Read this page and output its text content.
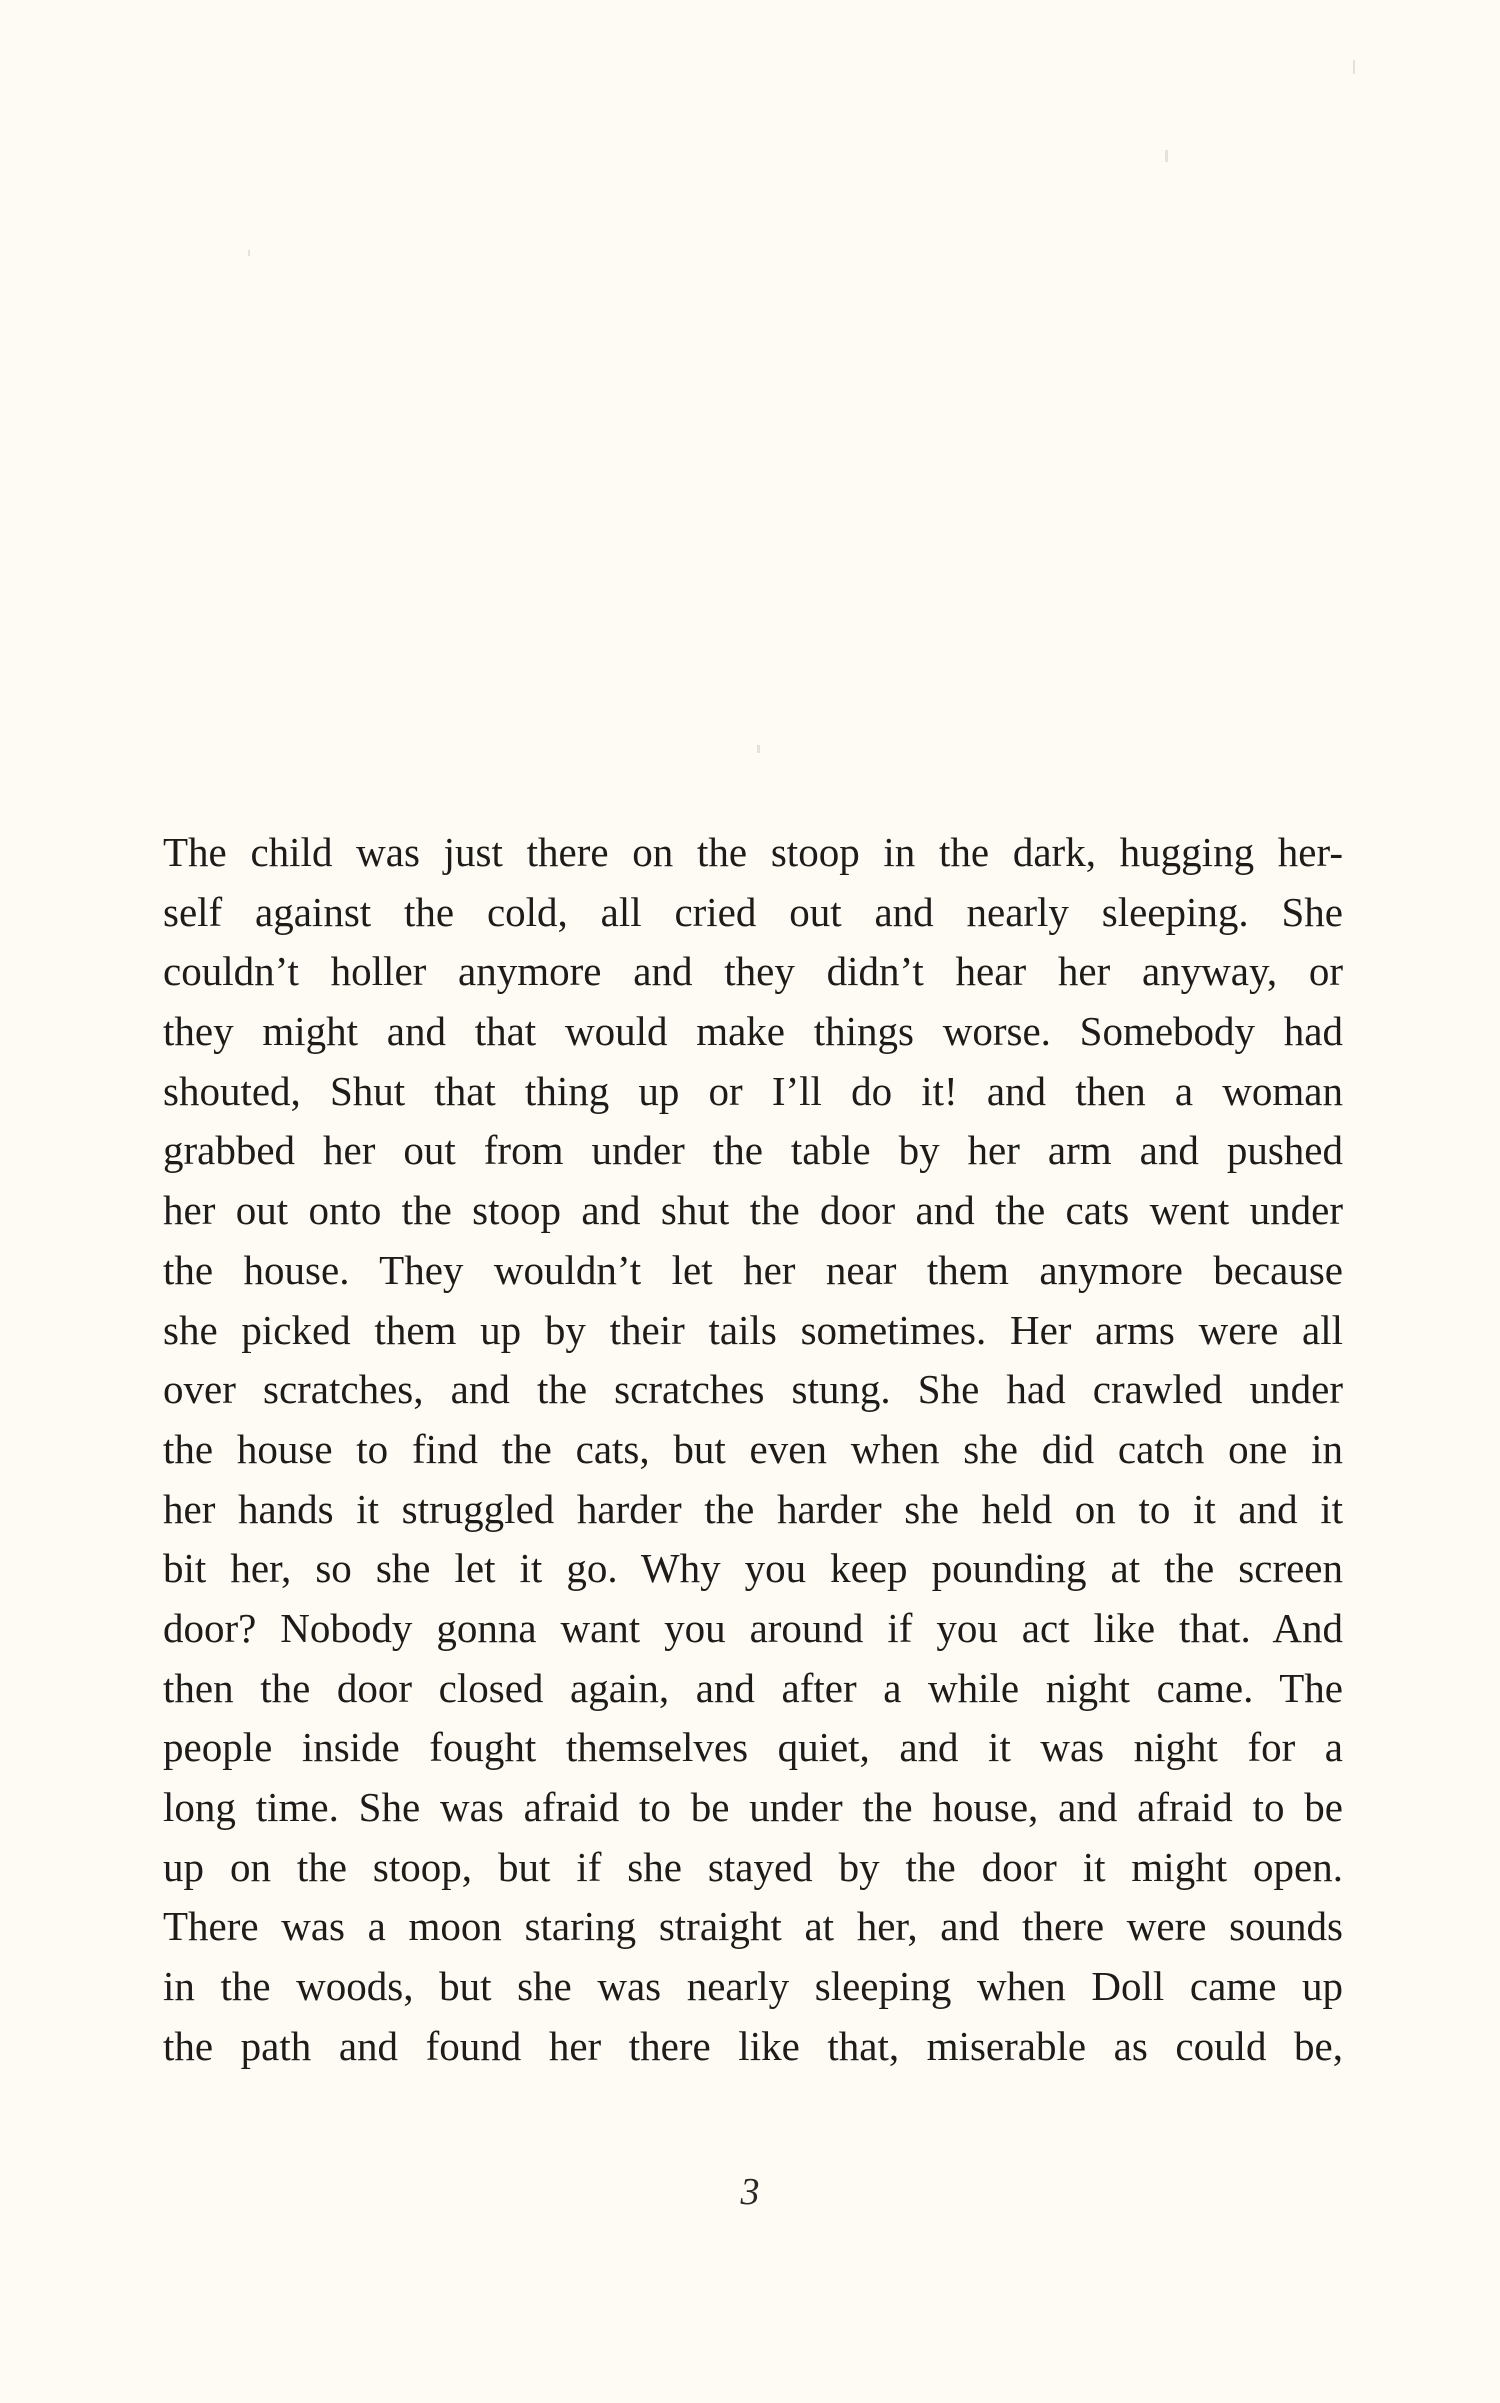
The child was just there on the stoop in the dark, hugging her-
self against the cold, all cried out and nearly sleeping. She
couldn’t holler anymore and they didn’t hear her anyway, or
they might and that would make things worse. Somebody had
shouted, Shut that thing up or I’ll do it! and then a woman
grabbed her out from under the table by her arm and pushed
her out onto the stoop and shut the door and the cats went under
the house. They wouldn’t let her near them anymore because
she picked them up by their tails sometimes. Her arms were all
over scratches, and the scratches stung. She had crawled under
the house to find the cats, but even when she did catch one in
her hands it struggled harder the harder she held on to it and it
bit her, so she let it go. Why you keep pounding at the screen
door? Nobody gonna want you around if you act like that. And
then the door closed again, and after a while night came. The
people inside fought themselves quiet, and it was night for a
long time. She was afraid to be under the house, and afraid to be
up on the stoop, but if she stayed by the door it might open.
There was a moon staring straight at her, and there were sounds
in the woods, but she was nearly sleeping when Doll came up
the path and found her there like that, miserable as could be,
3
